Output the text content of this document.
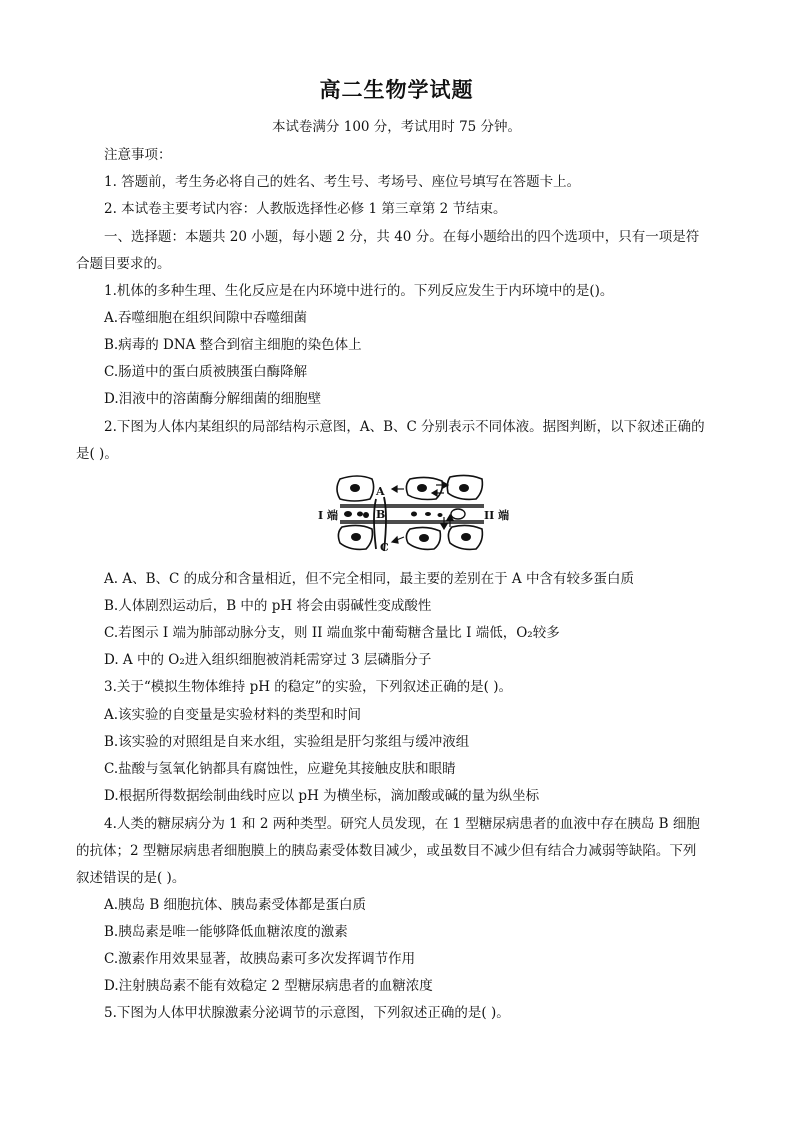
高二生物学试题
本试卷满分 100 分，考试用时 75 分钟。
注意事项：
1. 答题前，考生务必将自己的姓名、考生号、考场号、座位号填写在答题卡上。
2. 本试卷主要考试内容：人教版选择性必修 1 第三章第 2 节结束。
一、选择题：本题共 20 小题，每小题 2 分，共 40 分。在每小题给出的四个选项中，只有一项是符
合题目要求的。
1.机体的多种生理、生化反应是在内环境中进行的。下列反应发生于内环境中的是()。
A.吞噬细胞在组织间隙中吞噬细菌
B.病毒的 DNA 整合到宿主细胞的染色体上
C.肠道中的蛋白质被胰蛋白酶降解
D.泪液中的溶菌酶分解细菌的细胞壁
2.下图为人体内某组织的局部结构示意图，A、B、C 分别表示不同体液。据图判断，以下叙述正确的
是( )。
A
B
C
I 端	II 端
A. A、B、C 的成分和含量相近，但不完全相同，最主要的差别在于 A 中含有较多蛋白质
B.人体剧烈运动后，B 中的 pH 将会由弱碱性变成酸性
C.若图示 I 端为肺部动脉分支，则 II 端血浆中葡萄糖含量比 I 端低，O₂较多
D. A 中的 O₂进入组织细胞被消耗需穿过 3 层磷脂分子
3.关于“模拟生物体维持 pH 的稳定”的实验，下列叙述正确的是( )。
A.该实验的自变量是实验材料的类型和时间
B.该实验的对照组是自来水组，实验组是肝匀浆组与缓冲液组
C.盐酸与氢氧化钠都具有腐蚀性，应避免其接触皮肤和眼睛
D.根据所得数据绘制曲线时应以 pH 为横坐标，滴加酸或碱的量为纵坐标
4.人类的糖尿病分为 1 和 2 两种类型。研究人员发现，在 1 型糖尿病患者的血液中存在胰岛 B 细胞
的抗体；2 型糖尿病患者细胞膜上的胰岛素受体数目减少，或虽数目不减少但有结合力减弱等缺陷。下列
叙述错误的是( )。
A.胰岛 B 细胞抗体、胰岛素受体都是蛋白质
B.胰岛素是唯一能够降低血糖浓度的激素
C.激素作用效果显著，故胰岛素可多次发挥调节作用
D.注射胰岛素不能有效稳定 2 型糖尿病患者的血糖浓度
5.下图为人体甲状腺激素分泌调节的示意图，下列叙述正确的是( )。
